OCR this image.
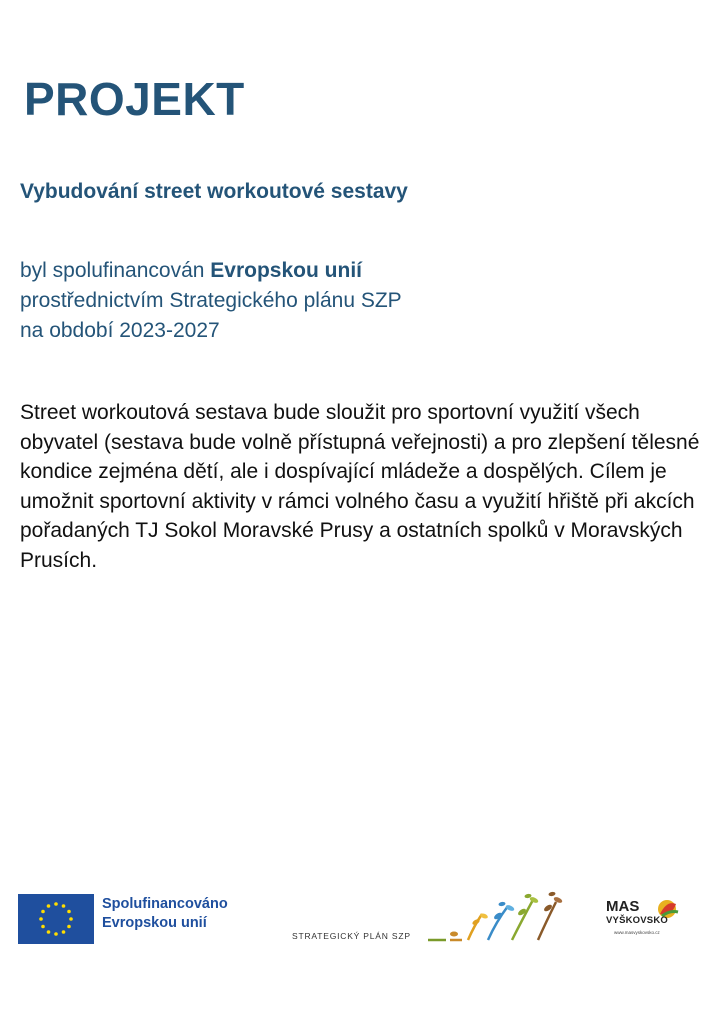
PROJEKT
Vybudování street workoutové sestavy

byl spolufinancován Evropskou unií
prostřednictvím Strategického plánu SZP
na období 2023-2027

Street workoutová sestava bude sloužit pro sportovní využití všech obyvatel (sestava bude volně přístupná veřejnosti) a pro zlepšení tělesné kondice zejména dětí, ale i dospívající mládeže a dospělých. Cílem je umožnit sportovní aktivity v rámci volného času a využití hřiště při akcích pořadaných TJ Sokol Moravské Prusy a ostatních spolků v Moravských Prusích.

Spolufinancováno
Evropskou unií
STRATEGICKÝ PLÁN SZP
MAS
VYŠKOVSKO
www.masvyskovsko.cz
